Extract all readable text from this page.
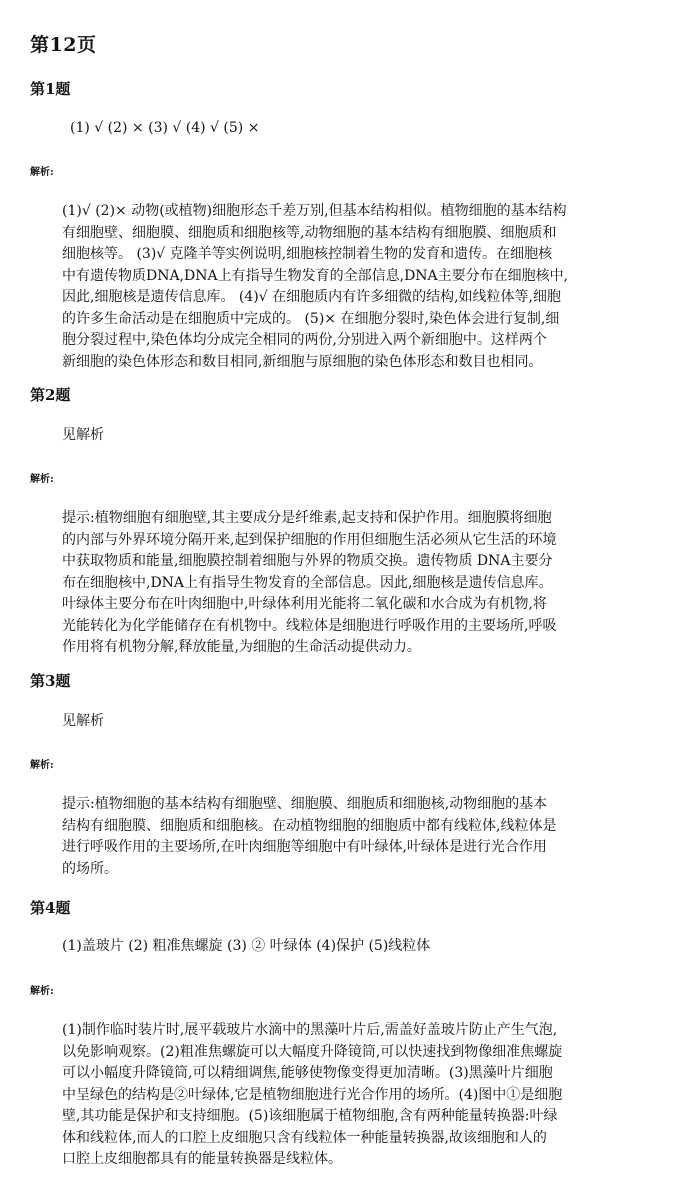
第12页
第1题
(1) √ (2) × (3) √ (4) √ (5) ×
解析:
(1)√ (2)× 动物(或植物)细胞形态千差万别,但基本结构相似。植物细胞的基本结构
有细胞壁、细胞膜、细胞质和细胞核等,动物细胞的基本结构有细胞膜、细胞质和
细胞核等。 (3)√ 克隆羊等实例说明,细胞核控制着生物的发育和遗传。在细胞核
中有遗传物质DNA,DNA上有指导生物发育的全部信息,DNA主要分布在细胞核中,
因此,细胞核是遗传信息库。 (4)√ 在细胞质内有许多细微的结构,如线粒体等,细胞
的许多生命活动是在细胞质中完成的。 (5)× 在细胞分裂时,染色体会进行复制,细
胞分裂过程中,染色体均分成完全相同的两份,分别进入两个新细胞中。这样两个
新细胞的染色体形态和数目相同,新细胞与原细胞的染色体形态和数目也相同。
第2题
见解析
解析:
提示:植物细胞有细胞壁,其主要成分是纤维素,起支持和保护作用。细胞膜将细胞
的内部与外界环境分隔开来,起到保护细胞的作用但细胞生活必须从它生活的环境
中获取物质和能量,细胞膜控制着细胞与外界的物质交换。遗传物质 DNA主要分
布在细胞核中,DNA上有指导生物发育的全部信息。因此,细胞核是遗传信息库。
叶绿体主要分布在叶肉细胞中,叶绿体利用光能将二氧化碳和水合成为有机物,将
光能转化为化学能储存在有机物中。线粒体是细胞进行呼吸作用的主要场所,呼吸
作用将有机物分解,释放能量,为细胞的生命活动提供动力。
第3题
见解析
解析:
提示:植物细胞的基本结构有细胞壁、细胞膜、细胞质和细胞核,动物细胞的基本
结构有细胞膜、细胞质和细胞核。在动植物细胞的细胞质中都有线粒体,线粒体是
进行呼吸作用的主要场所,在叶肉细胞等细胞中有叶绿体,叶绿体是进行光合作用
的场所。
第4题
(1)盖玻片 (2) 粗准焦螺旋 (3) ② 叶绿体 (4)保护 (5)线粒体
解析:
(1)制作临时装片时,展平载玻片水滴中的黑藻叶片后,需盖好盖玻片防止产生气泡,
以免影响观察。(2)粗准焦螺旋可以大幅度升降镜筒,可以快速找到物像细准焦螺旋
可以小幅度升降镜筒,可以精细调焦,能够使物像变得更加清晰。(3)黑藻叶片细胞
中呈绿色的结构是②叶绿体,它是植物细胞进行光合作用的场所。(4)图中①是细胞
壁,其功能是保护和支持细胞。(5)该细胞属于植物细胞,含有两种能量转换器:叶绿
体和线粒体,而人的口腔上皮细胞只含有线粒体一种能量转换器,故该细胞和人的
口腔上皮细胞都具有的能量转换器是线粒体。
